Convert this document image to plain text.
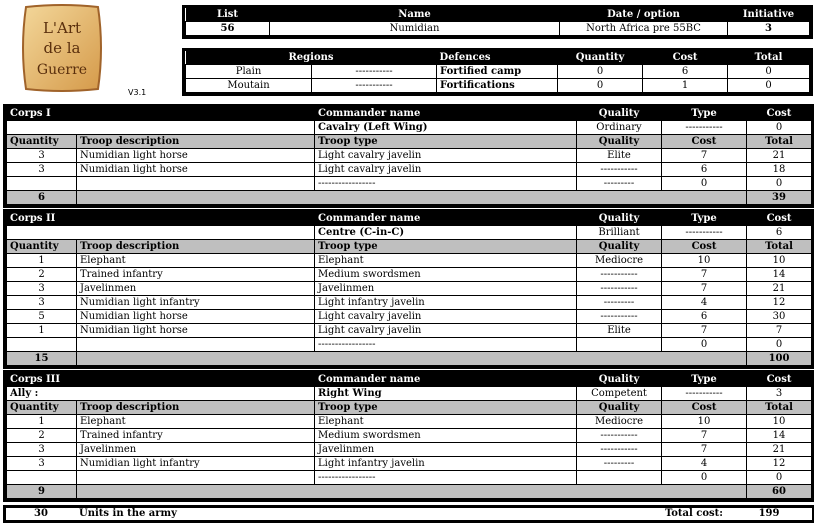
L'Art
de la
Guerre
V3.1
List	Name	Date / option	Initiative
56	Numidian	North Africa pre 55BC	3
Regions		Defences	Quantity	Cost	Total
Plain	-----------	Fortified camp	0	6	0
Moutain	-----------	Fortifications	0	1	0
Corps I		Commander name	Quality	Type	Cost
		Cavalry (Left Wing)	Ordinary	-----------	0
Quantity	Troop description	Troop type	Quality	Cost	Total
3	Numidian light horse	Light cavalry javelin	Elite	7	21
3	Numidian light horse	Light cavalry javelin	-----------	6	18
		-----------------	---------	0	0
6					39
Corps II		Commander name	Quality	Type	Cost
		Centre (C-in-C)	Brilliant	-----------	6
Quantity	Troop description	Troop type	Quality	Cost	Total
1	Elephant	Elephant	Mediocre	10	10
2	Trained infantry	Medium swordsmen	-----------	7	14
3	Javelinmen	Javelinmen	-----------	7	21
3	Numidian light infantry	Light infantry javelin	---------	4	12
5	Numidian light horse	Light cavalry javelin	-----------	6	30
1	Numidian light horse	Light cavalry javelin	Elite	7	7
		-----------------		0	0
15					100
Corps III		Commander name	Quality	Type	Cost
Ally :		Right Wing	Competent	-----------	3
Quantity	Troop description	Troop type	Quality	Cost	Total
1	Elephant	Elephant	Mediocre	10	10
2	Trained infantry	Medium swordsmen	-----------	7	14
3	Javelinmen	Javelinmen	-----------	7	21
3	Numidian light infantry	Light infantry javelin	---------	4	12
		-----------------		0	0
9					60
30	Units in the army	Total cost:	199
